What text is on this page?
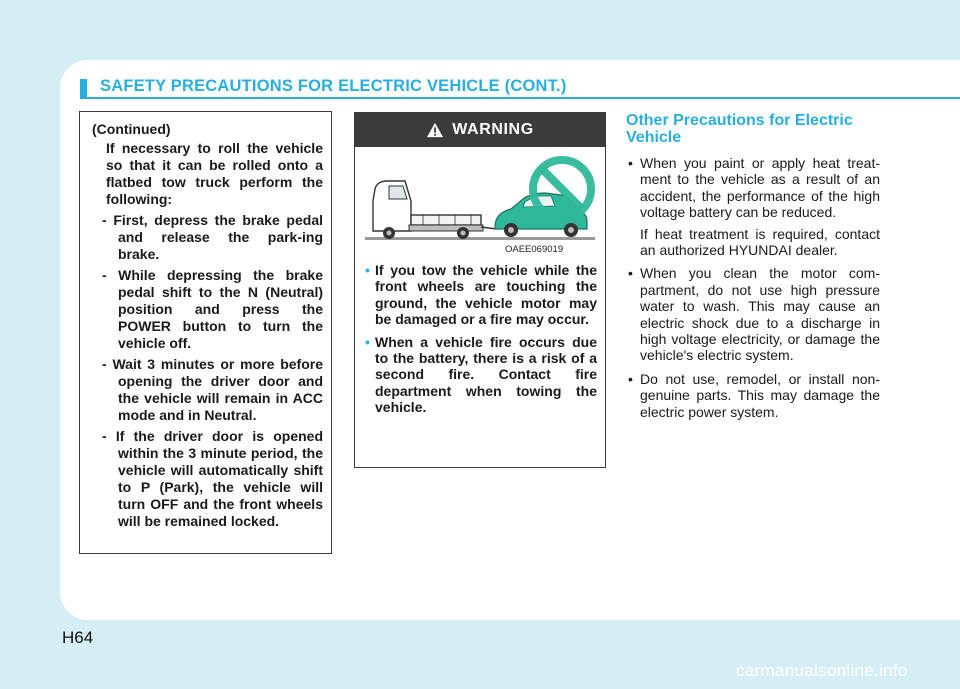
SAFETY PRECAUTIONS FOR ELECTRIC VEHICLE (CONT.)
(Continued)
If necessary to roll the vehicle so that it can be rolled onto a flatbed tow truck perform the following:
- First, depress the brake pedal and release the park-ing brake.
- While depressing the brake pedal shift to the N (Neutral) position and press the POWER button to turn the vehicle off.
- Wait 3 minutes or more before opening the driver door and the vehicle will remain in ACC mode and in Neutral.
- If the driver door is opened within the 3 minute period, the vehicle will automatically shift to P (Park), the vehicle will turn OFF and the front wheels will be remained locked.
WARNING
OAEE069019
• If you tow the vehicle while the front wheels are touching the ground, the vehicle motor may be damaged or a fire may occur.
• When a vehicle fire occurs due to the battery, there is a risk of a second fire. Contact fire department when towing the vehicle.
Other Precautions for Electric Vehicle
• When you paint or apply heat treat-ment to the vehicle as a result of an accident, the performance of the high voltage battery can be reduced.
If heat treatment is required, contact an authorized HYUNDAI dealer.
• When you clean the motor com-partment, do not use high pressure water to wash. This may cause an electric shock due to a discharge in high voltage electricity, or damage the vehicle's electric system.
• Do not use, remodel, or install non-genuine parts. This may damage the electric power system.
H64
carmanualsonline.info
